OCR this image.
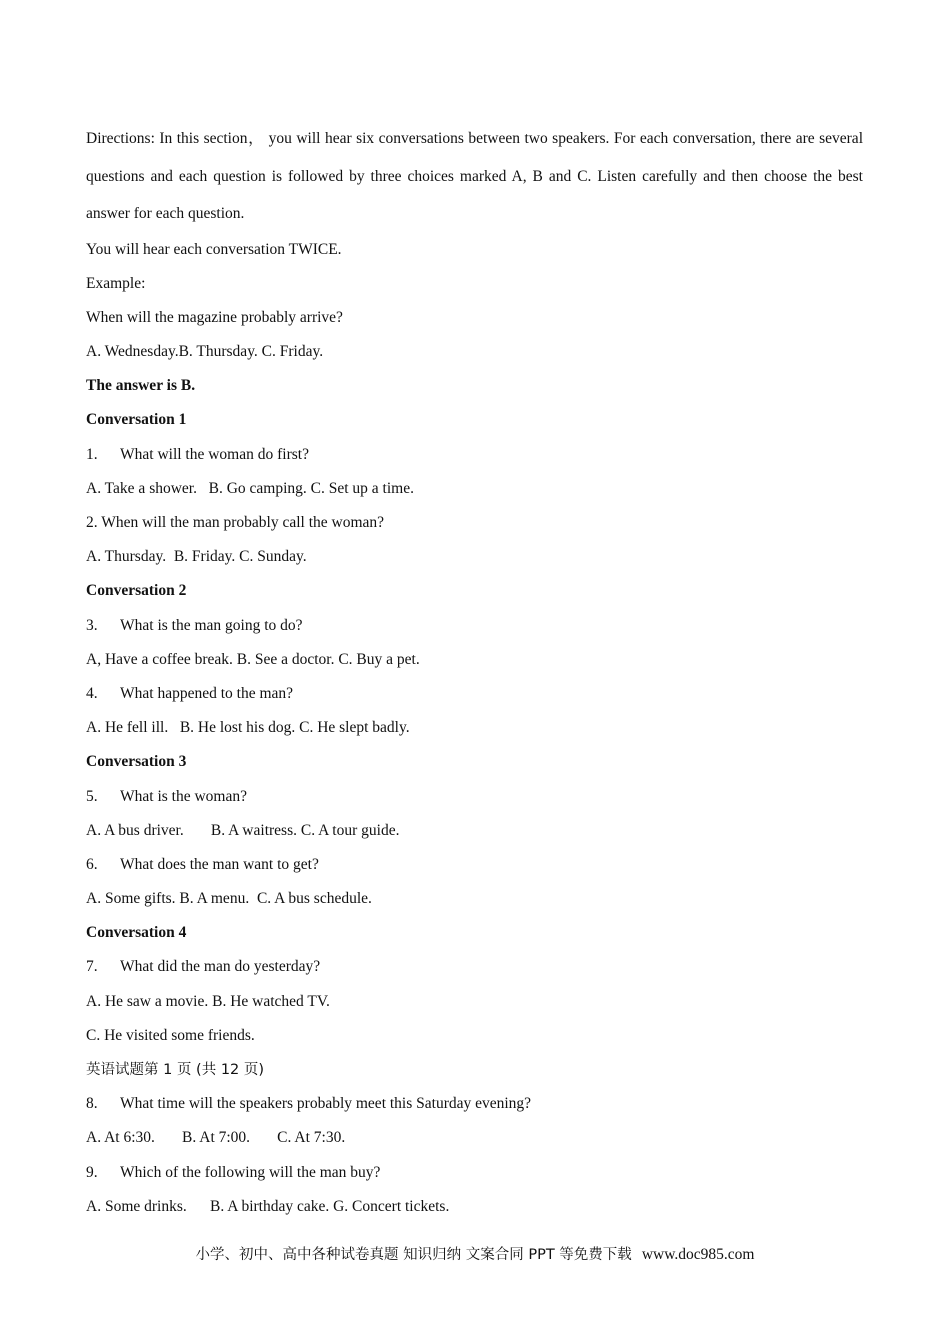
Directions: In this section， you will hear six conversations between two speakers. For each conversation, there are several questions and each question is followed by three choices marked A, B and C. Listen carefully and then choose the best answer for each question.

You will hear each conversation TWICE.

Example:

When will the magazine probably arrive?

A. Wednesday.B. Thursday. C. Friday.

The answer is B.

Conversation 1

1. What will the woman do first?

A. Take a shower.   B. Go camping. C. Set up a time.

2. When will the man probably call the woman?

A. Thursday.  B. Friday. C. Sunday.

Conversation 2

3. What is the man going to do?

A, Have a coffee break. B. See a doctor. C. Buy a pet.

4. What happened to the man?

A. He fell ill.   B. He lost his dog. C. He slept badly.

Conversation 3

5. What is the woman?

A. A bus driver.       B. A waitress. C. A tour guide.

6. What does the man want to get?

A. Some gifts. B. A menu.  C. A bus schedule.

Conversation 4

7. What did the man do yesterday?

A. He saw a movie. B. He watched TV.

C. He visited some friends.

英语试题第 1 页 (共 12 页)

8. What time will the speakers probably meet this Saturday evening?

A. At 6:30.       B. At 7:00.       C. At 7:30.

9. Which of the following will the man buy?

A. Some drinks.      B. A birthday cake. G. Concert tickets.

小学、初中、高中各种试卷真题 知识归纳 文案合同 PPT 等免费下载 www.doc985.com
